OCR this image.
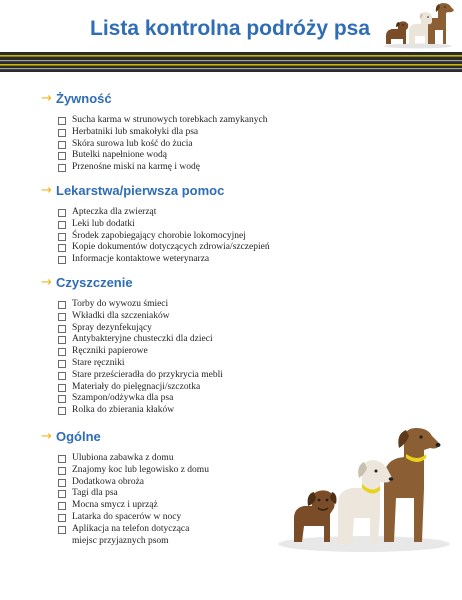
Lista kontrolna podróży psa
→ Żywność
Sucha karma w strunowych torebkach zamykanych
Herbatniki lub smakołyki dla psa
Skóra surowa lub kość do żucia
Butelki napełnione wodą
Przenośne miski na karmę i wodę
→ Lekarstwa/pierwsza pomoc
Apteczka dla zwierząt
Leki lub dodatki
Środek zapobiegający chorobie lokomocyjnej
Kopie dokumentów dotyczących zdrowia/szczepień
Informacje kontaktowe weterynarza
→ Czyszczenie
Torby do wywozu śmieci
Wkładki dla szczeniaków
Spray dezynfekujący
Antybakteryjne chusteczki dla dzieci
Ręczniki papierowe
Stare ręczniki
Stare prześcieradła do przykrycia mebli
Materiały do pielęgnacji/szczotka
Szampon/odżywka dla psa
Rolka do zbierania kłaków
→ Ogólne
Ulubiona zabawka z domu
Znajomy koc lub legowisko z domu
Dodatkowa obroża
Tagi dla psa
Mocna smycz i uprząż
Latarka do spacerów w nocy
Aplikacja na telefon dotycząca
miejsc przyjaznych psom
